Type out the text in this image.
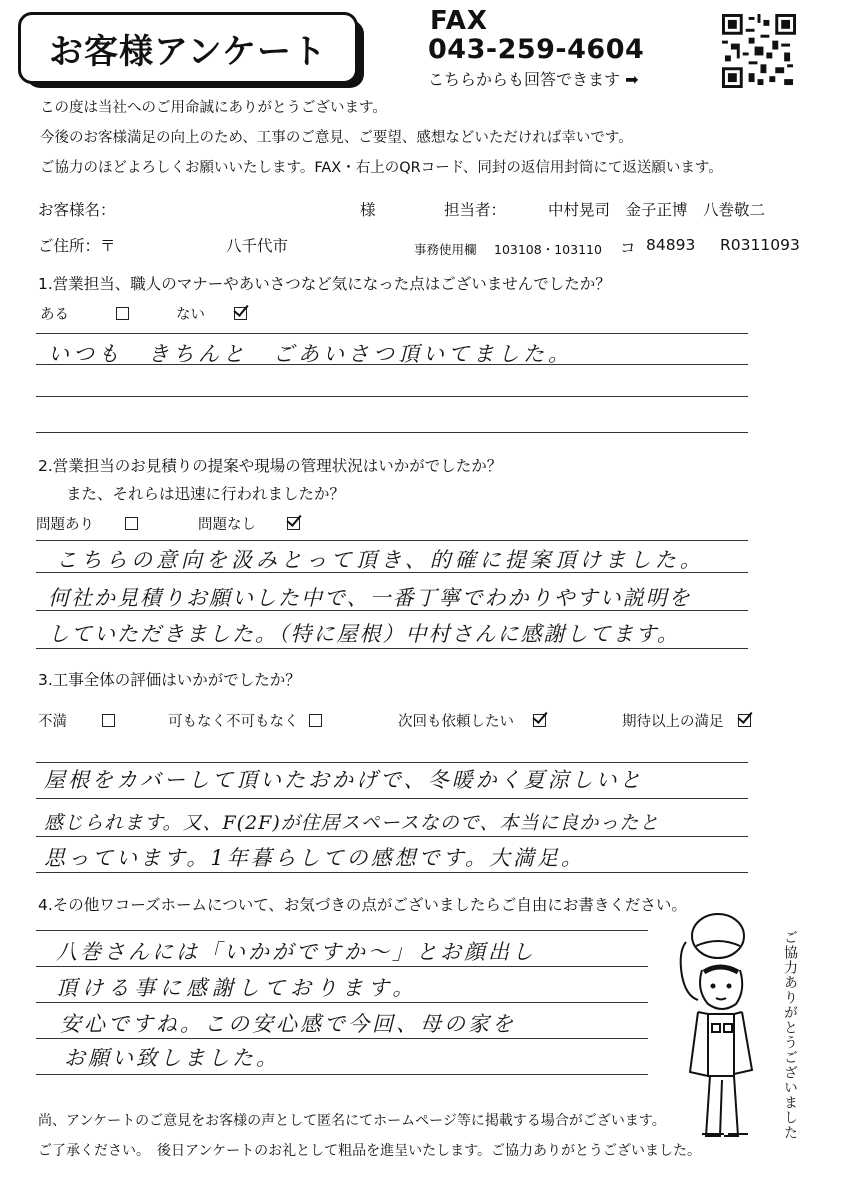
お客様アンケート
FAX
043-259-4604
こちらからも回答できます ➡
この度は当社へのご用命誠にありがとうございます。
今後のお客様満足の向上のため、工事のご意見、ご要望、感想などいただければ幸いです。
ご協力のほどよろしくお願いいたします。FAX・右上のQRコード、同封の返信用封筒にて返送願います。
お客様名：	様	担当者：	中村晃司　金子正博　八巻敬二
ご住所：〒	八千代市	事務使用欄 103108・103110 コ 84893 R0311093
1.営業担当、職人のマナーやあいさつなど気になった点はございませんでしたか？
ある	ない
いつも　きちんと　ごあいさつ頂いてました。
2.営業担当のお見積りの提案や現場の管理状況はいかがでしたか？
また、それらは迅速に行われましたか？
問題あり	問題なし
こちらの意向を汲みとって頂き、的確に提案頂けました。
何社か見積りお願いした中で、一番丁寧でわかりやすい説明を
していただきました。（特に屋根）中村さんに感謝してます。
3.工事全体の評価はいかがでしたか？
不満	可もなく不可もなく	次回も依頼したい	期待以上の満足
屋根をカバーして頂いたおかげで、冬暖かく夏涼しいと
感じられます。又、F(2F)が住居スペースなので、本当に良かったと
思っています。1年暮らしての感想です。大満足。
4.その他ワコーズホームについて、お気づきの点がございましたらご自由にお書きください。
八巻さんには「いかがですか～」とお顔出し
頂ける事に感謝しております。
安心ですね。この安心感で今回、母の家を
お願い致しました。	ご協力ありがとうございました
尚、アンケートのご意見をお客様の声として匿名にてホームページ等に掲載する場合がございます。
ご了承ください。　後日アンケートのお礼として粗品を進呈いたします。ご協力ありがとうございました。
